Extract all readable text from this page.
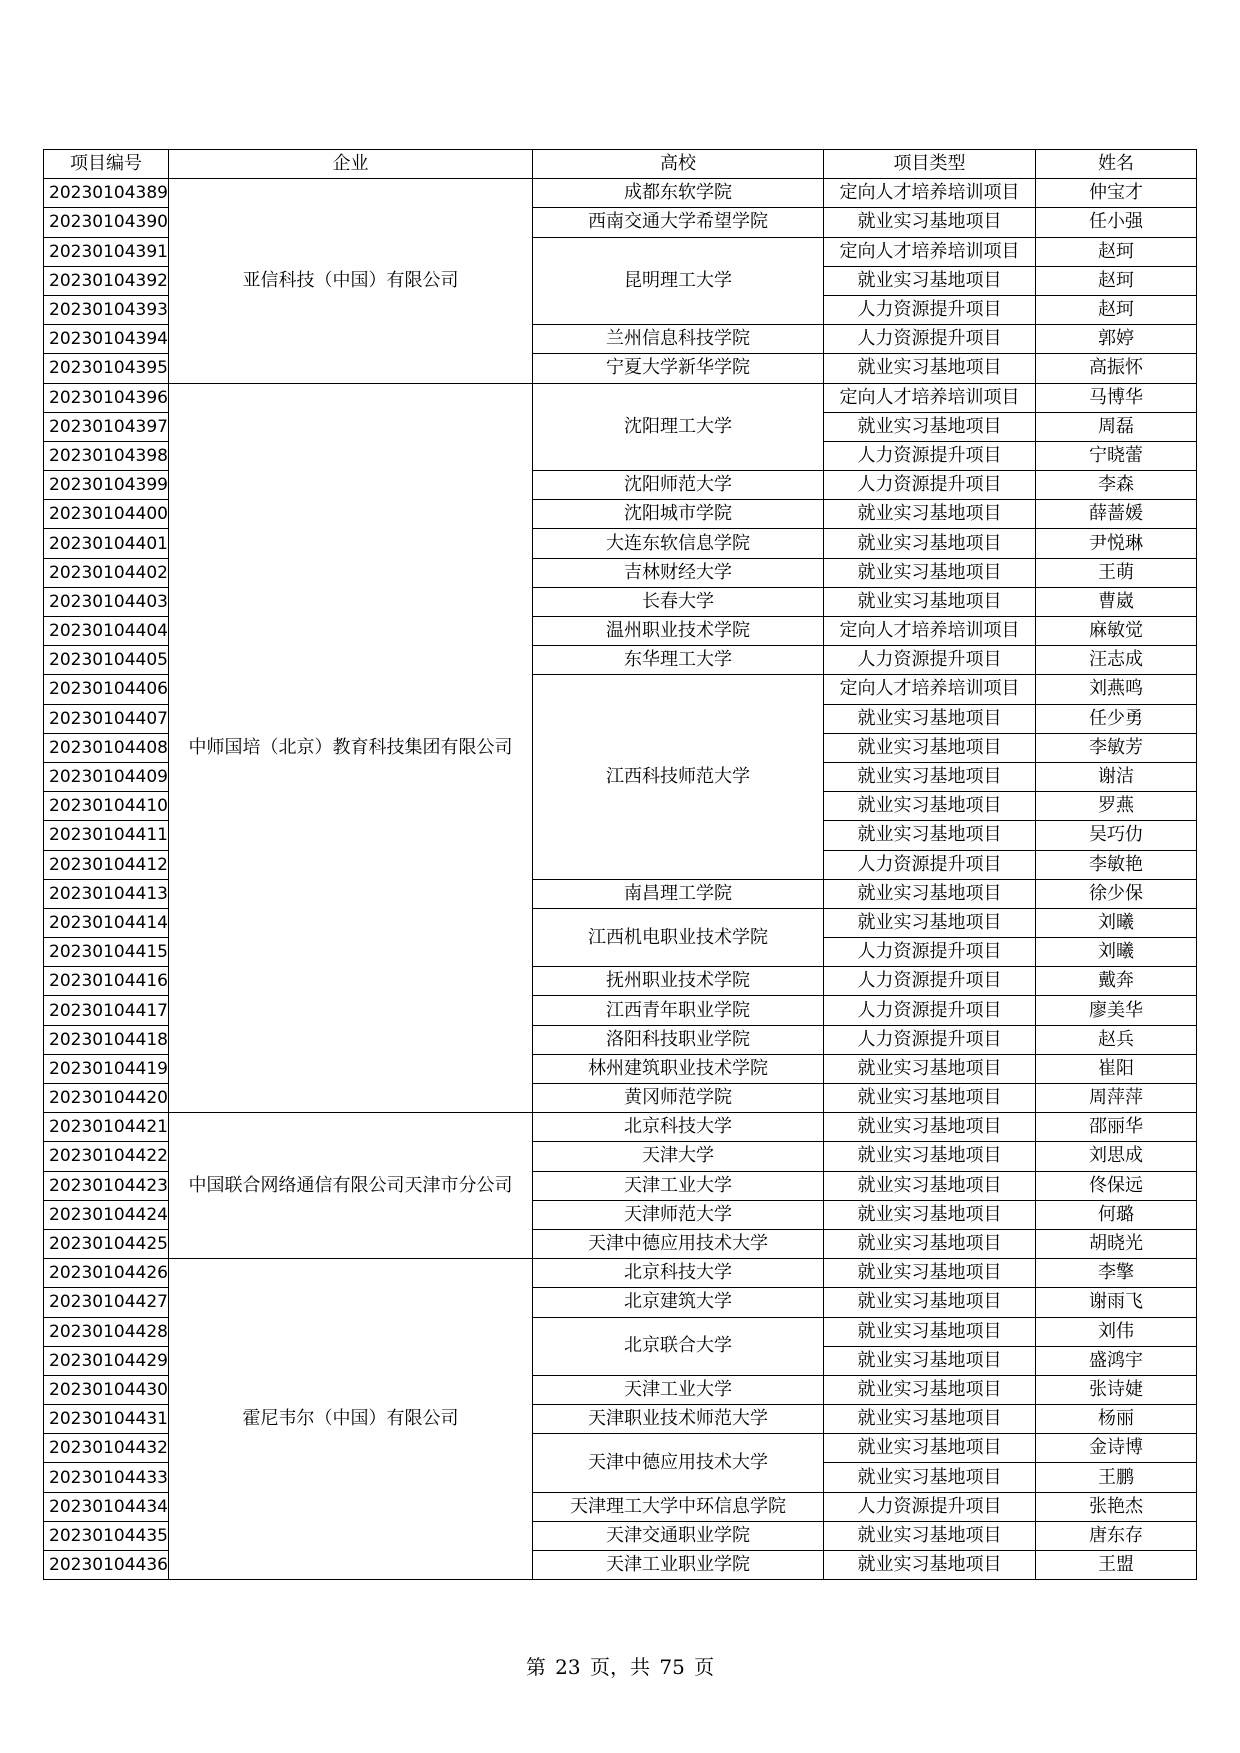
项目编号	企业	高校	项目类型	姓名
20230104389	亚信科技（中国）有限公司	成都东软学院	定向人才培养培训项目	仲宝才
20230104390		西南交通大学希望学院	就业实习基地项目	任小强
20230104391		昆明理工大学	定向人才培养培训项目	赵珂
20230104392			就业实习基地项目	赵珂
20230104393			人力资源提升项目	赵珂
20230104394		兰州信息科技学院	人力资源提升项目	郭婷
20230104395		宁夏大学新华学院	就业实习基地项目	高振怀
20230104396	中师国培（北京）教育科技集团有限公司	沈阳理工大学	定向人才培养培训项目	马博华
20230104397			就业实习基地项目	周磊
20230104398			人力资源提升项目	宁晓蕾
20230104399		沈阳师范大学	人力资源提升项目	李森
20230104400		沈阳城市学院	就业实习基地项目	薛蔷媛
20230104401		大连东软信息学院	就业实习基地项目	尹悦琳
20230104402		吉林财经大学	就业实习基地项目	王萌
20230104403		长春大学	就业实习基地项目	曹崴
20230104404		温州职业技术学院	定向人才培养培训项目	麻敏觉
20230104405		东华理工大学	人力资源提升项目	汪志成
20230104406		江西科技师范大学	定向人才培养培训项目	刘燕鸣
20230104407			就业实习基地项目	任少勇
20230104408			就业实习基地项目	李敏芳
20230104409			就业实习基地项目	谢洁
20230104410			就业实习基地项目	罗燕
20230104411			就业实习基地项目	吴巧仂
20230104412			人力资源提升项目	李敏艳
20230104413		南昌理工学院	就业实习基地项目	徐少保
20230104414		江西机电职业技术学院	就业实习基地项目	刘曦
20230104415			人力资源提升项目	刘曦
20230104416		抚州职业技术学院	人力资源提升项目	戴奔
20230104417		江西青年职业学院	人力资源提升项目	廖美华
20230104418		洛阳科技职业学院	人力资源提升项目	赵兵
20230104419		林州建筑职业技术学院	就业实习基地项目	崔阳
20230104420		黄冈师范学院	就业实习基地项目	周萍萍
20230104421	中国联合网络通信有限公司天津市分公司	北京科技大学	就业实习基地项目	邵丽华
20230104422		天津大学	就业实习基地项目	刘思成
20230104423		天津工业大学	就业实习基地项目	佟保远
20230104424		天津师范大学	就业实习基地项目	何璐
20230104425		天津中德应用技术大学	就业实习基地项目	胡晓光
20230104426	霍尼韦尔（中国）有限公司	北京科技大学	就业实习基地项目	李擎
20230104427		北京建筑大学	就业实习基地项目	谢雨飞
20230104428		北京联合大学	就业实习基地项目	刘伟
20230104429			就业实习基地项目	盛鸿宇
20230104430		天津工业大学	就业实习基地项目	张诗婕
20230104431		天津职业技术师范大学	就业实习基地项目	杨丽
20230104432		天津中德应用技术大学	就业实习基地项目	金诗博
20230104433			就业实习基地项目	王鹏
20230104434		天津理工大学中环信息学院	人力资源提升项目	张艳杰
20230104435		天津交通职业学院	就业实习基地项目	唐东存
20230104436		天津工业职业学院	就业实习基地项目	王盟
第 23 页，共 75 页
